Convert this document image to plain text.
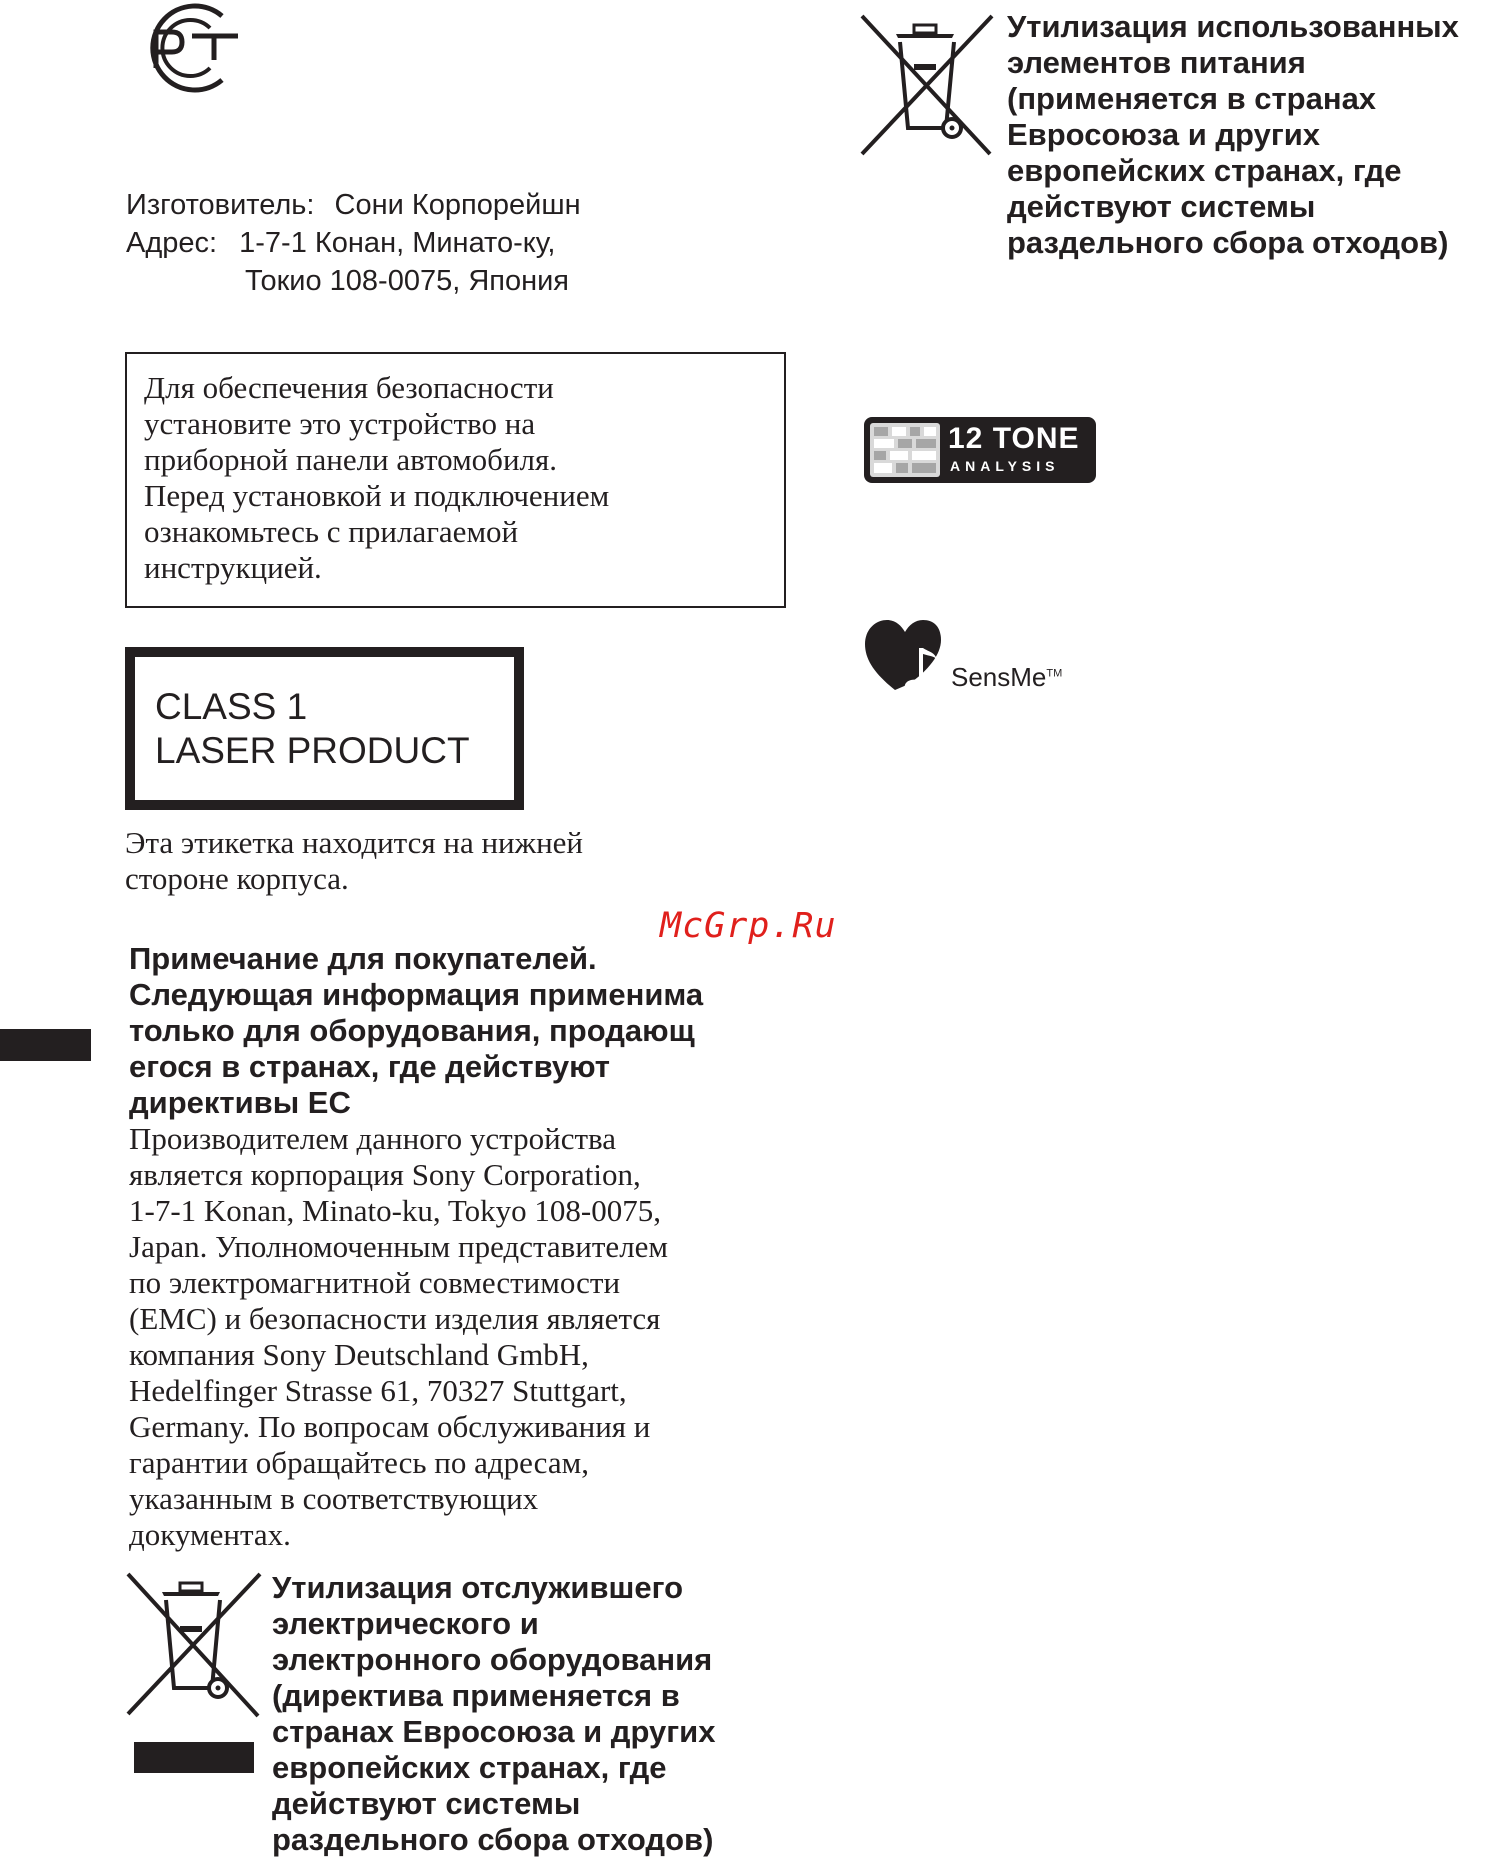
Изготовитель: Сони Корпорейшн
Адрес: 1-7-1 Конан, Минато-ку,
Токио 108-0075, Япония
Для обеспечения безопасности
установите это устройство на
приборной панели автомобиля.
Перед установкой и подключением
ознакомьтесь с прилагаемой
инструкцией.
CLASS 1
LASER PRODUCT
Эта этикетка находится на нижней
стороне корпуса.
McGrp.Ru
Примечание для покупателей.
Следующая информация применима
только для оборудования, продающ
егося в странах, где действуют
директивы ЕС
Производителем данного устройства
является корпорация Sony Corporation,
1-7-1 Konan, Minato-ku, Tokyo 108-0075,
Japan. Уполномоченным представителем
по электромагнитной совместимости
(EMC) и безопасности изделия является
компания Sony Deutschland GmbH,
Hedelfinger Strasse 61, 70327 Stuttgart,
Germany. По вопросам обслуживания и
гарантии обращайтесь по адресам,
указанным в соответствующих
документах.
Утилизация отслужившего
электрического и
электронного оборудования
(директива применяется в
странах Евросоюза и других
европейских странах, где
действуют системы
раздельного сбора отходов)
Утилизация использованных
элементов питания
(применяется в странах
Евросоюза и других
европейских странах, где
действуют системы
раздельного сбора отходов)
12 TONE
ANALYSIS
SensMe™
